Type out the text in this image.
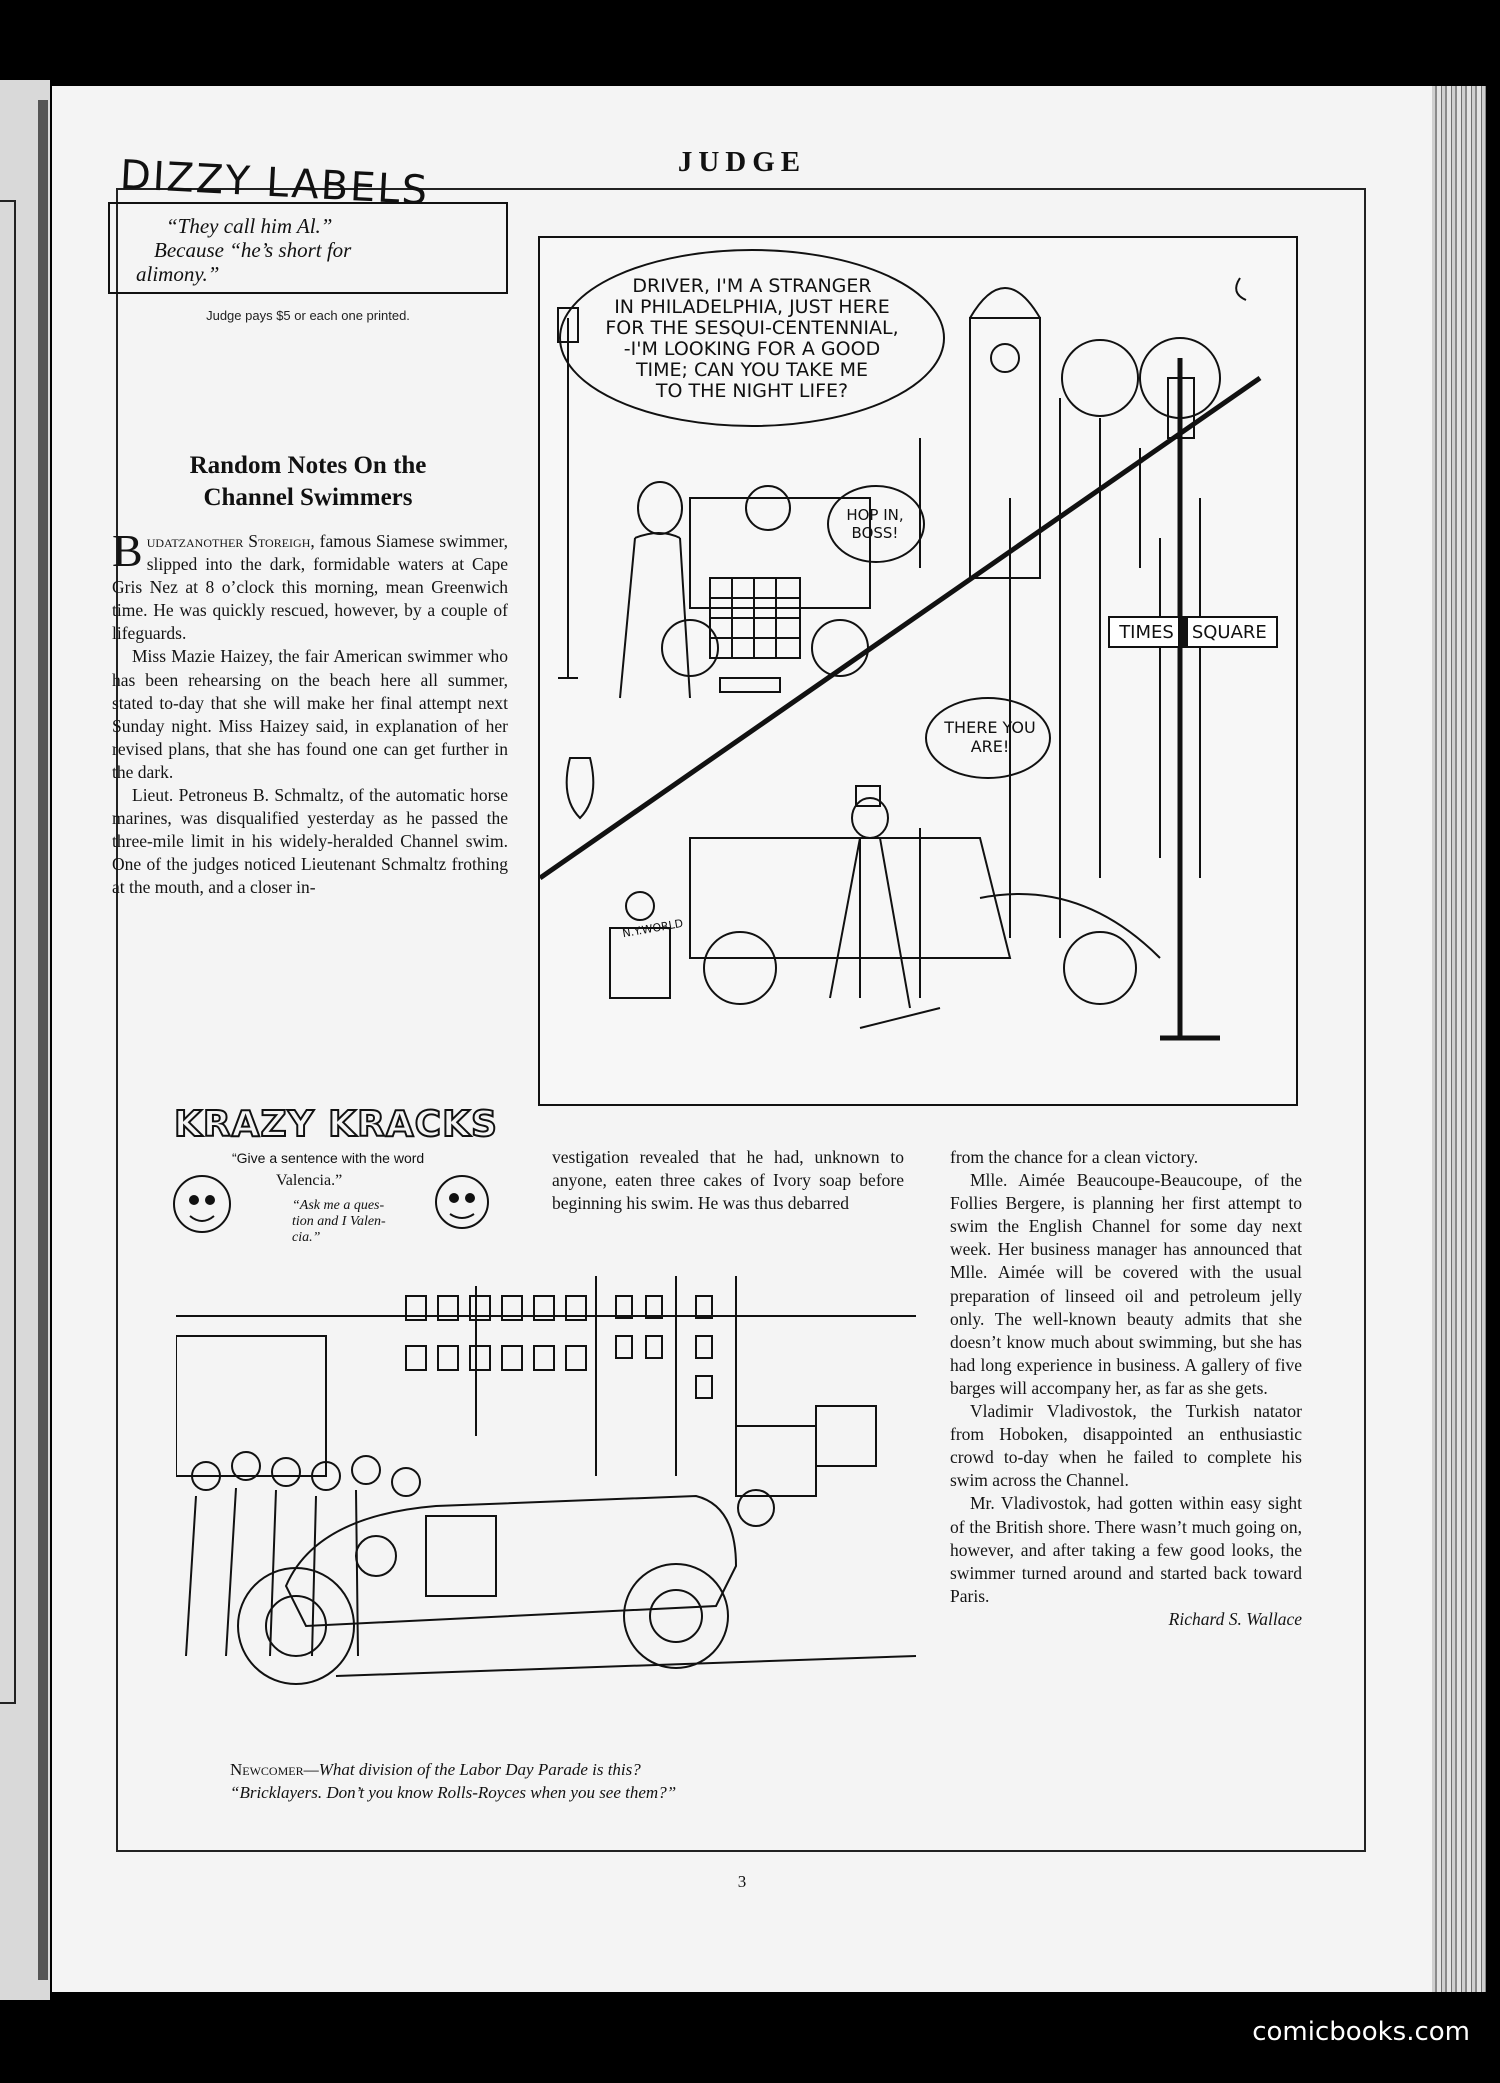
JUDGE

3

DIZZY LABELS

“They call him Al.”

Because “he’s short for

alimony.”

Judge pays $5 or each one printed.
Random Notes On the
Channel Swimmers

Budatzanother Storeigh, famous Siamese swimmer, slipped into the dark, formidable waters at Cape Gris Nez at 8 o’clock this morning, mean Greenwich time. He was quickly rescued, however, by a couple of lifeguards.

Miss Mazie Haizey, the fair American swimmer who has been rehearsing on the beach here all summer, stated to-day that she will make her final attempt next Sunday night. Miss Haizey said, in explanation of her revised plans, that she has found one can get further in the dark.

Lieut. Petroneus B. Schmaltz, of the automatic horse marines, was disqualified yesterday as he passed the three-mile limit in his widely-heralded Channel swim. One of the judges noticed Lieutenant Schmaltz frothing at the mouth, and a closer in-

DRIVER, I'M A STRANGER
IN PHILADELPHIA, JUST HERE
FOR THE SESQUI-CENTENNIAL,
-I'M LOOKING FOR A GOOD
TIME; CAN YOU TAKE ME
TO THE NIGHT LIFE?
HOP IN,
BOSS!
THERE YOU
ARE!
TIMES SQUARE
N.Y.WORLD

KRAZY KRACKS

“Give a sentence with the word

Valencia.”

“Ask me a ques-
tion and I Valen-
cia.”

vestigation revealed that he had, unknown to anyone, eaten three cakes of Ivory soap before beginning his swim. He was thus debarred

from the chance for a clean victory.

Mlle. Aimée Beaucoupe-Beaucoupe, of the Follies Bergere, is planning her first attempt to swim the English Channel for some day next week. Her business manager has announced that Mlle. Aimée will be covered with the usual preparation of linseed oil and petroleum jelly only. The well-known beauty admits that she doesn’t know much about swimming, but she has had long experience in business. A gallery of five barges will accompany her, as far as she gets.

Vladimir Vladivostok, the Turkish natator from Hoboken, disappointed an enthusiastic crowd to-day when he failed to complete his swim across the Channel.

Mr. Vladivostok, had gotten within easy sight of the British shore. There wasn’t much going on, however, and after taking a few good looks, the swimmer turned around and started back toward Paris.

Richard S. Wallace

Newcomer—What division of the Labor Day Parade is this?

“Bricklayers. Don’t you know Rolls-Royces when you see them?”

comicbooks.com
